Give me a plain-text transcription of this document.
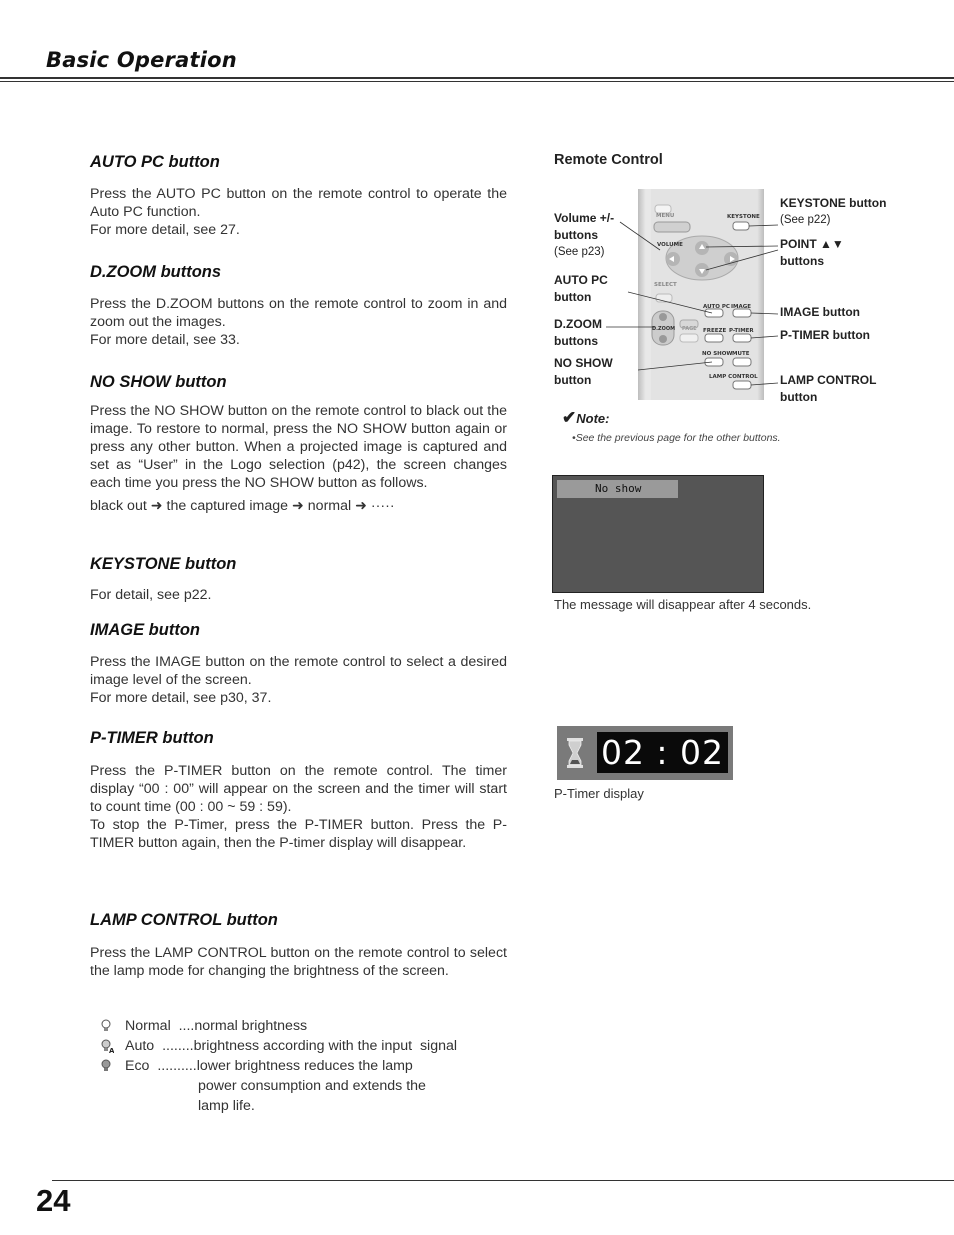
Basic Operation
AUTO PC button

Press the AUTO PC button on the remote control to operate the Auto PC function.

For more detail, see 27.

D.ZOOM buttons

Press the D.ZOOM buttons on the remote control to zoom in and zoom out the images.

For more detail, see 33.

NO SHOW button

Press the NO SHOW button on the remote control to black out the image. To restore to normal, press the NO SHOW button again or press any other button. When a projected image is captured and set as “User” in the Logo selection (p42), the screen changes each time you press the NO SHOW button as follows.

black out ➜ the captured image ➜ normal ➜ ·····
KEYSTONE button

For detail, see p22.

IMAGE button

Press the IMAGE button on the remote control to select a desired image level of the screen.

For more detail, see p30, 37.

P-TIMER button

Press the P-TIMER button on the remote control. The timer display “00 : 00” will appear on the screen and the timer will start to count time (00 : 00 ~ 59 : 59).

To stop the P-Timer, press the P-TIMER button. Press the P-TIMER button again, then the P-timer display will disappear.

LAMP CONTROL button

Press the LAMP CONTROL button on the remote control to select the lamp mode for changing the brightness of the screen.

Normal  ....normal brightness
A Auto  ........brightness according with the input  signal
Eco  ..........lower brightness reduces the lamp
power consumption and extends the
lamp life.
Remote Control
MENU	KEYSTONE
VOLUME
SELECT
AUTO PC IMAGE
D.ZOOM PAGE FREEZE P-TIMER
NO SHOW MUTE
LAMP CONTROL
Volume +/-
buttons
(See p23)
AUTO PC
button
D.ZOOM
buttons
NO SHOW
button
KEYSTONE button
(See p22)
POINT ▲▼
buttons
IMAGE button
P-TIMER button
LAMP CONTROL
button
✔Note:
•See the previous page for the other buttons.
No show
The message will disappear after 4 seconds.
02 : 02
P-Timer display
24
